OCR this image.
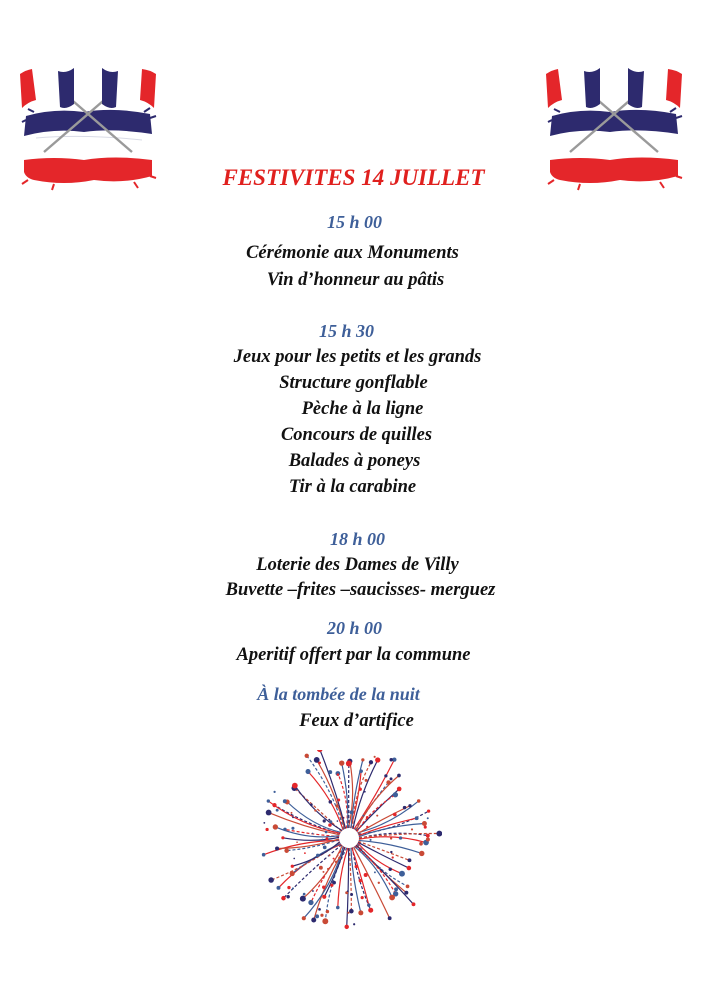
FESTIVITES 14 JUILLET
15 h 00
Cérémonie aux Monuments
Vin d’honneur au pâtis
15 h 30
Jeux pour les petits et les grands
Structure gonflable
Pèche à la ligne
Concours de quilles
Balades à poneys
Tir à la carabine
18 h 00
Loterie des Dames de Villy
Buvette –frites –saucisses- merguez
20 h 00
Aperitif offert par la commune
À la tombée de la nuit
Feux d’artifice
